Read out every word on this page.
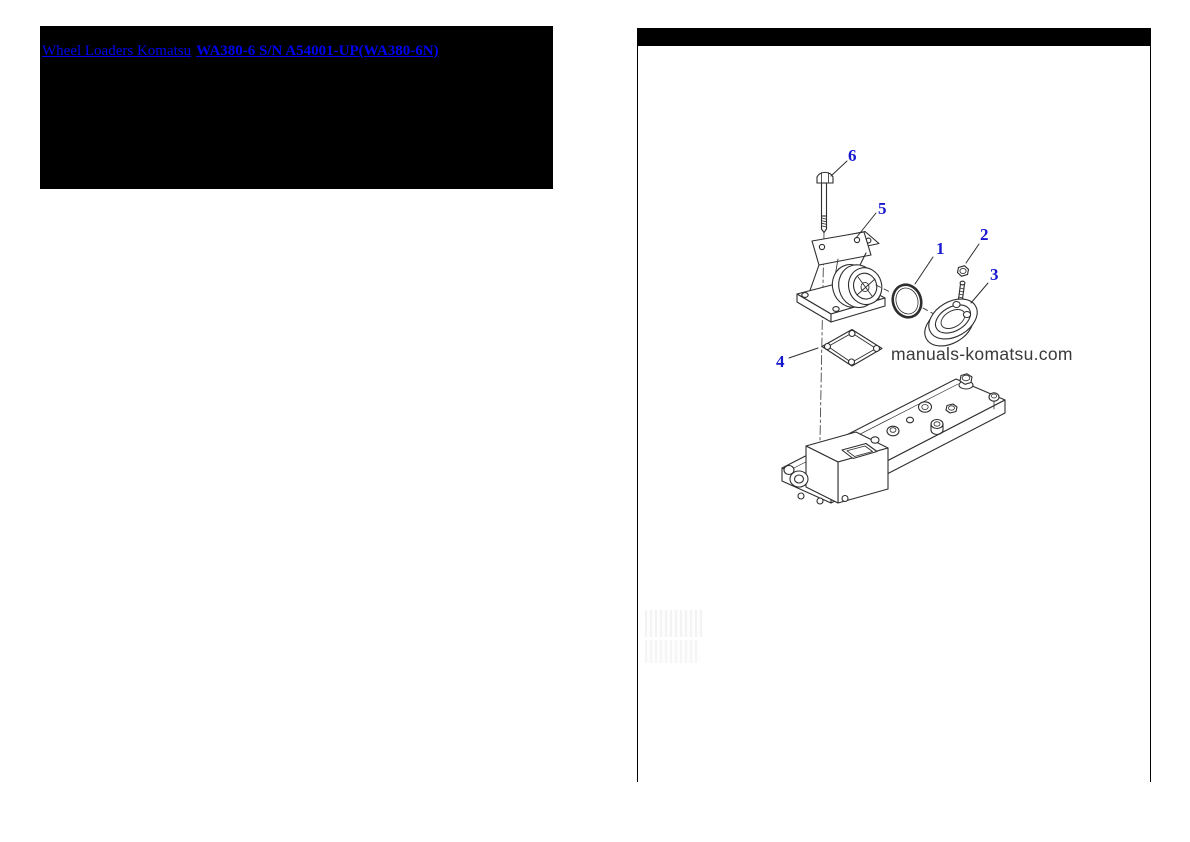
Wheel Loaders Komatsu WA380-6 S/N A54001-UP(WA380-6N)
6
5
1
2
3
4	manuals-komatsu.com
